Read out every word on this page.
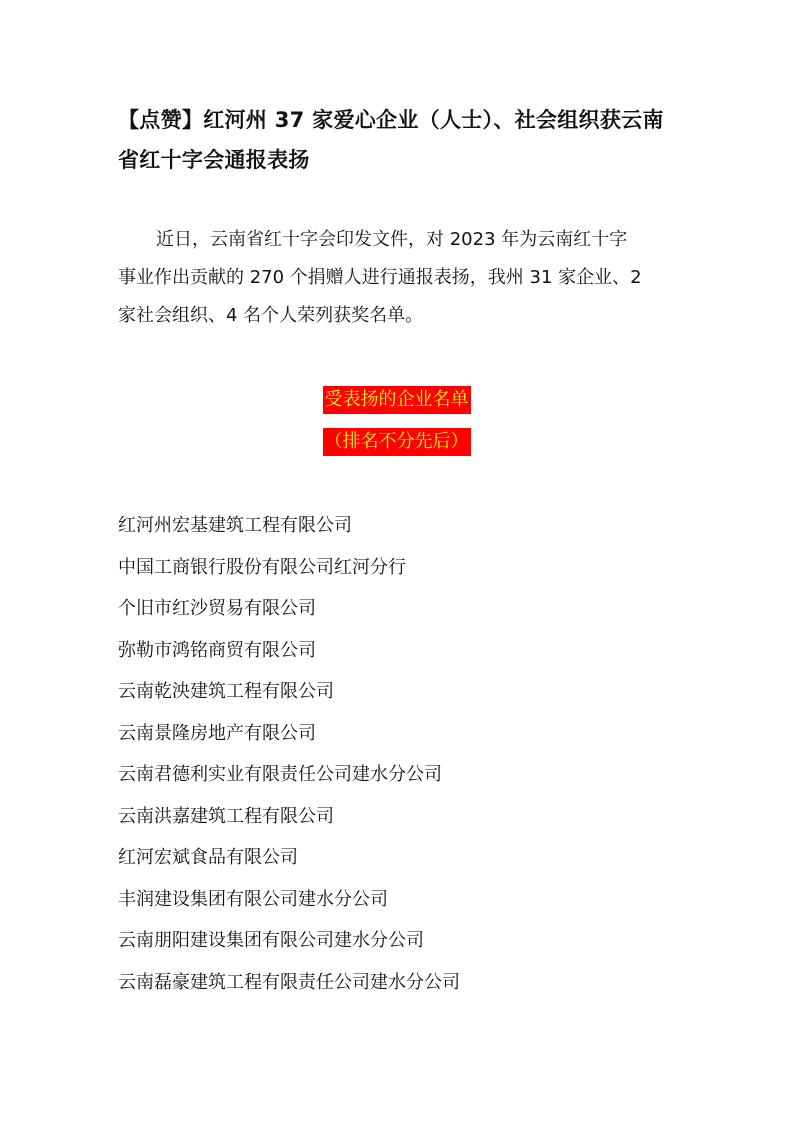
【点赞】红河州 37 家爱心企业（人士）、社会组织获云南
省红十字会通报表扬

近日，云南省红十字会印发文件，对 2023 年为云南红十字
事业作出贡献的 270 个捐赠人进行通报表扬，我州 31 家企业、2
家社会组织、4 名个人荣列获奖名单。

受表扬的企业名单
（排名不分先后）
红河州宏基建筑工程有限公司
中国工商银行股份有限公司红河分行
个旧市红沙贸易有限公司
弥勒市鸿铭商贸有限公司
云南乾泱建筑工程有限公司
云南景隆房地产有限公司
云南君德利实业有限责任公司建水分公司
云南洪嘉建筑工程有限公司
红河宏斌食品有限公司
丰润建设集团有限公司建水分公司
云南朋阳建设集团有限公司建水分公司
云南磊豪建筑工程有限责任公司建水分公司
